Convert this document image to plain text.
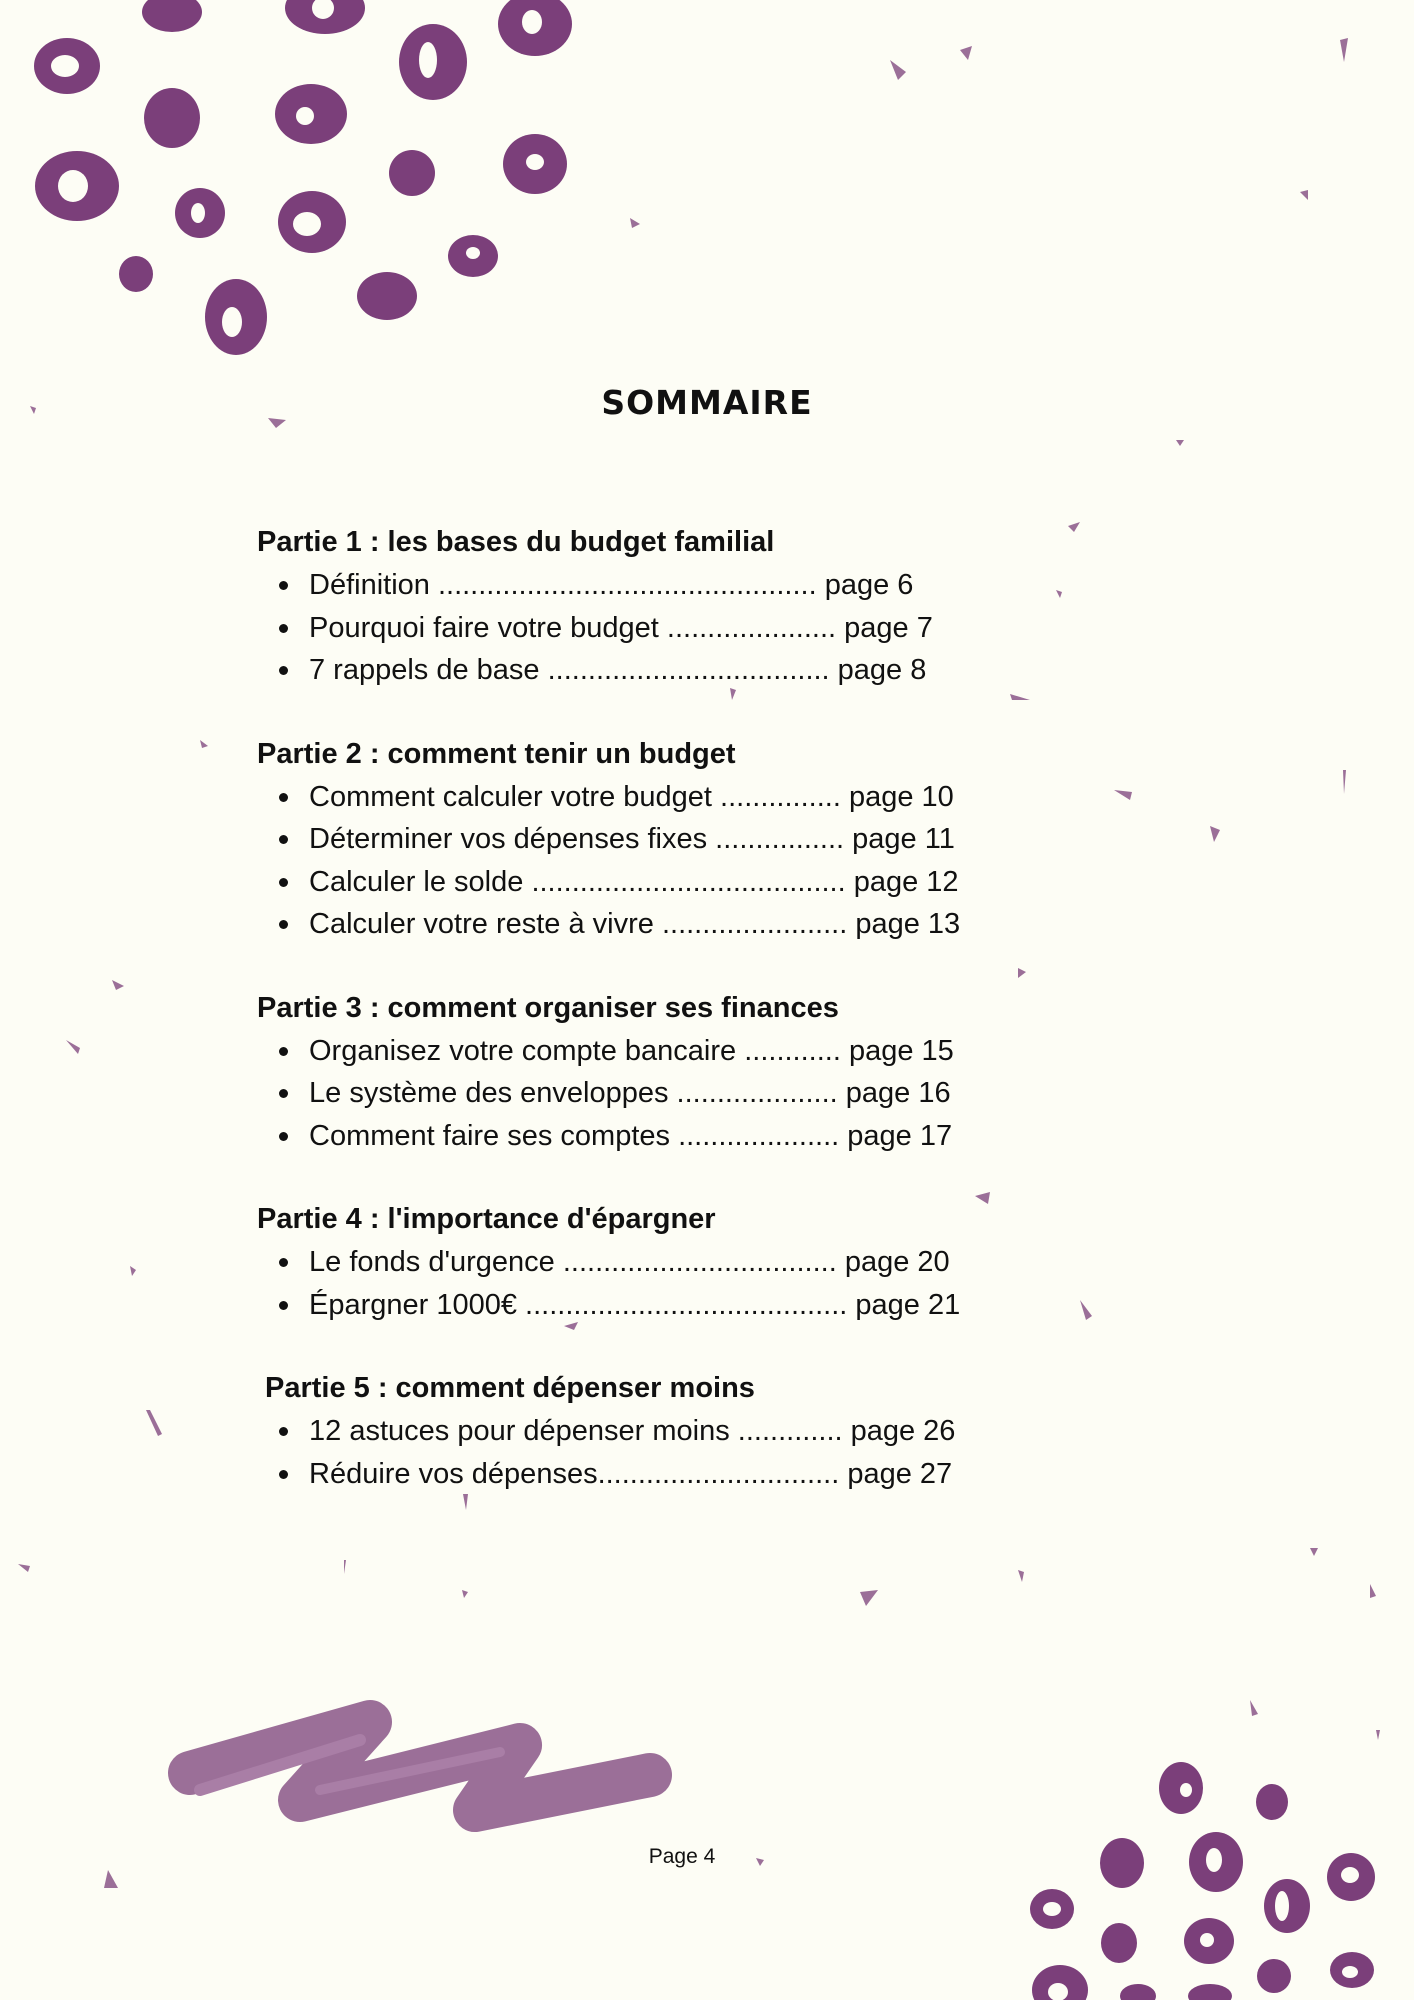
SOMMAIRE

Partie 1 : les bases du budget familial

Définition ............................................... page 6
Pourquoi faire votre budget ..................... page 7
7 rappels de base ................................... page 8

Partie 2 : comment tenir un budget

Comment calculer votre budget ............... page 10
Déterminer vos dépenses fixes ................ page 11
Calculer le solde ....................................... page 12
Calculer votre reste à vivre ....................... page 13

Partie 3 : comment organiser ses finances

Organisez votre compte bancaire ............ page 15
Le système des enveloppes .................... page 16
Comment faire ses comptes .................... page 17

Partie 4 : l'importance d'épargner

Le fonds d'urgence .................................. page 20
Épargner 1000€ ........................................ page 21

Partie 5 : comment dépenser moins

12 astuces pour dépenser moins ............. page 26
Réduire vos dépenses.............................. page 27
Page 4
